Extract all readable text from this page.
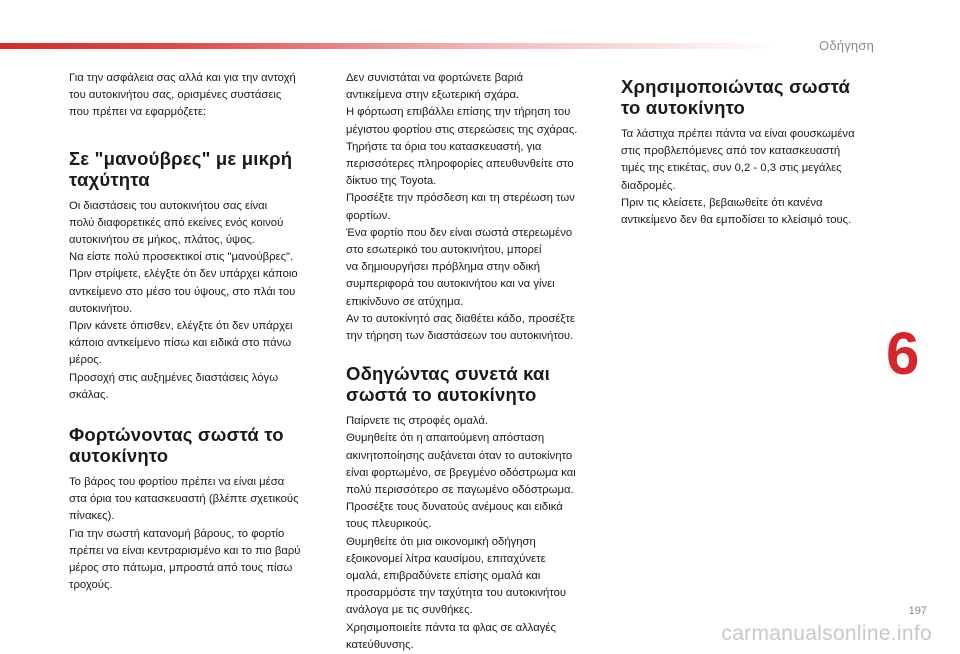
Οδήγηση

Για την ασφάλεια σας αλλά και για την αντοχή
του αυτοκινήτου σας, ορισμένες συστάσεις
που πρέπει να εφαρμόζετε:

Σε "μανούβρες" με μικρή
ταχύτητα

Οι διαστάσεις του αυτοκινήτου σας είναι
πολύ διαφορετικές από εκείνες ενός κοινού
αυτοκινήτου σε μήκος, πλάτος, ύψος.
Να είστε πολύ προσεκτικοί στις "μανούβρες".
Πριν στρίψετε, ελέγξτε ότι δεν υπάρχει κάποιο
αντκείμενο στο μέσο του ύψους, στο πλάι του
αυτοκινήτου.
Πριν κάνετε όπισθεν, ελέγξτε ότι δεν υπάρχει
κάποιο αντκείμενο πίσω και ειδικά στο πάνω
μέρος.
Προσοχή στις αυξημένες διαστάσεις λόγω
σκάλας.

Φορτώνοντας σωστά το
αυτοκίνητο

Το βάρος του φορτίου πρέπει να είναι μέσα
στα όρια του κατασκευαστή (βλέπτε σχετικούς
πίνακες).
Για την σωστή κατανομή βάρους, το φορτίο
πρέπει να είναι κεντραρισμένο και το πιο βαρύ
μέρος στο πάτωμα, μπροστά από τους πίσω
τροχούς.

Δεν συνιστάται να φορτώνετε βαριά
αντικείμενα στην εξωτερική σχάρα.
Η φόρτωση επιβάλλει επίσης την τήρηση του
μέγιστου φορτίου στις στερεώσεις της σχάρας.
Τηρήστε τα όρια του κατασκευαστή, για
περισσότερες πληροφορίες απευθυνθείτε στο
δίκτυο της Toyota.
Προσέξτε την πρόσδεση και τη στερέωση των
φορτίων.
Ένα φορτίο που δεν είναι σωστά στερεωμένο
στο εσωτερικό του αυτοκινήτου, μπορεί
να δημιουργήσει πρόβλημα στην οδική
συμπεριφορά του αυτοκινήτου και να γίνει
επικίνδυνο σε ατύχημα.
Αν το αυτοκίνητό σας διαθέτει κάδο, προσέξτε
την τήρηση των διαστάσεων του αυτοκινήτου.

Οδηγώντας συνετά και
σωστά το αυτοκίνητο

Παίρνετε τις στροφές ομαλά.
Θυμηθείτε ότι η απαιτούμενη απόσταση
ακινητοποίησης αυξάνεται όταν το αυτοκίνητο
είναι φορτωμένο, σε βρεγμένο οδόστρωμα και
πολύ περισσότερο σε παγωμένο οδόστρωμα.
Προσέξτε τους δυνατούς ανέμους και ειδικά
τους πλευρικούς.
Θυμηθείτε ότι μια οικονομική οδήγηση
εξοικονομεί λίτρα καυσίμου, επιταχύνετε
ομαλά, επιβραδύνετε επίσης ομαλά και
προσαρμόστε την ταχύτητα του αυτοκινήτου
ανάλογα με τις συνθήκες.
Χρησιμοποιείτε πάντα τα φλας σε αλλαγές
κατεύθυνσης.

Χρησιμοποιώντας σωστά
το αυτοκίνητο

Τα λάστιχα πρέπει πάντα να είναι φουσκωμένα
στις προβλεπόμενες από τον κατασκευαστή
τιμές της ετικέτας, συν 0,2 - 0,3 στις μεγάλες
διαδρομές.
Πριν τις κλείσετε, βεβαιωθείτε ότι κανένα
αντικείμενο δεν θα εμποδίσει το κλείσιμό τους.

6
197
carmanualsonline.info
